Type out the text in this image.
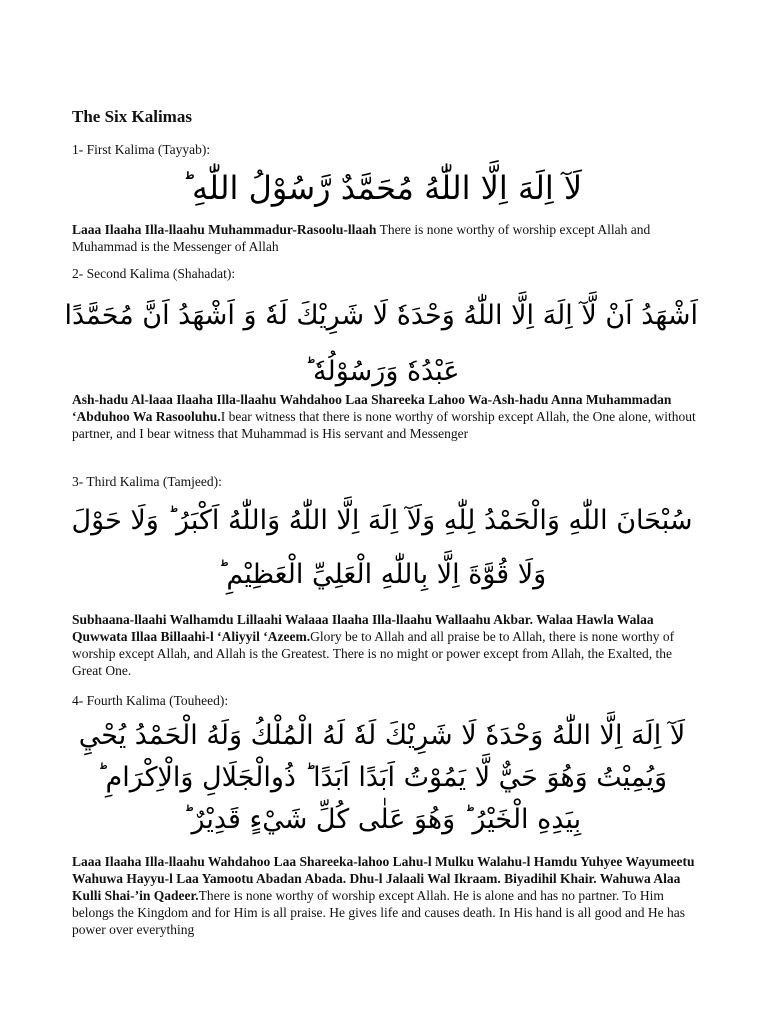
The Six Kalimas

1- First Kalima (Tayyab):

لَآ اِلَهَ اِلَّا اللّٰهُ مُحَمَّدٌ رَّسُوْلُ اللّٰهِ ؕ

Laaa Ilaaha Illa-llaahu Muhammadur-Rasoolu-llaah There is none worthy of worship except Allah and Muhammad is the Messenger of Allah

2- Second Kalima (Shahadat):

اَشْهَدُ اَنْ لَّآ اِلَهَ اِلَّا اللّٰهُ وَحْدَهٗ لَا شَرِيْكَ لَهٗ وَ اَشْهَدُ اَنَّ مُحَمَّدًا
عَبْدُهٗ وَرَسُوْلُهٗ ؕ

Ash-hadu Al-laaa Ilaaha Illa-llaahu Wahdahoo Laa Shareeka Lahoo Wa-Ash-hadu Anna Muhammadan ‘Abduhoo Wa Rasooluhu.I bear witness that there is none worthy of worship except Allah, the One alone, without partner, and I bear witness that Muhammad is His servant and Messenger

3- Third Kalima (Tamjeed):

سُبْحَانَ اللّٰهِ وَالْحَمْدُ لِلّٰهِ وَلَآ اِلَهَ اِلَّا اللّٰهُ وَاللّٰهُ اَكْبَرُ ؕ وَلَا حَوْلَ
وَلَا قُوَّةَ اِلَّا بِاللّٰهِ الْعَلِيِّ الْعَظِيْمِ ؕ

Subhaana-llaahi Walhamdu Lillaahi Walaaa Ilaaha Illa-llaahu Wallaahu Akbar. Walaa Hawla Walaa Quwwata Illaa Billaahi-l ‘Aliyyil ‘Azeem.Glory be to Allah and all praise be to Allah, there is none worthy of worship except Allah, and Allah is the Greatest. There is no might or power except from Allah, the Exalted, the Great One.

4- Fourth Kalima (Touheed):

لَآ اِلَهَ اِلَّا اللّٰهُ وَحْدَهٗ لَا شَرِيْكَ لَهٗ لَهُ الْمُلْكُ وَلَهُ الْحَمْدُ يُحْيِ
وَيُمِيْتُ وَهُوَ حَيٌّ لَّا يَمُوْتُ اَبَدًا اَبَدًا ؕ ذُوالْجَلَالِ وَالْاِكْرَامِ ؕ
بِيَدِهِ الْخَيْرُ ؕ وَهُوَ عَلٰى كُلِّ شَيْءٍ قَدِيْرٌ ؕ

Laaa Ilaaha Illa-llaahu Wahdahoo Laa Shareeka-lahoo Lahu-l Mulku Walahu-l Hamdu Yuhyee Wayumeetu Wahuwa Hayyu-l Laa Yamootu Abadan Abada. Dhu-l Jalaali Wal Ikraam. Biyadihil Khair. Wahuwa Alaa Kulli Shai-’in Qadeer.There is none worthy of worship except Allah. He is alone and has no partner. To Him belongs the Kingdom and for Him is all praise. He gives life and causes death. In His hand is all good and He has power over everything
